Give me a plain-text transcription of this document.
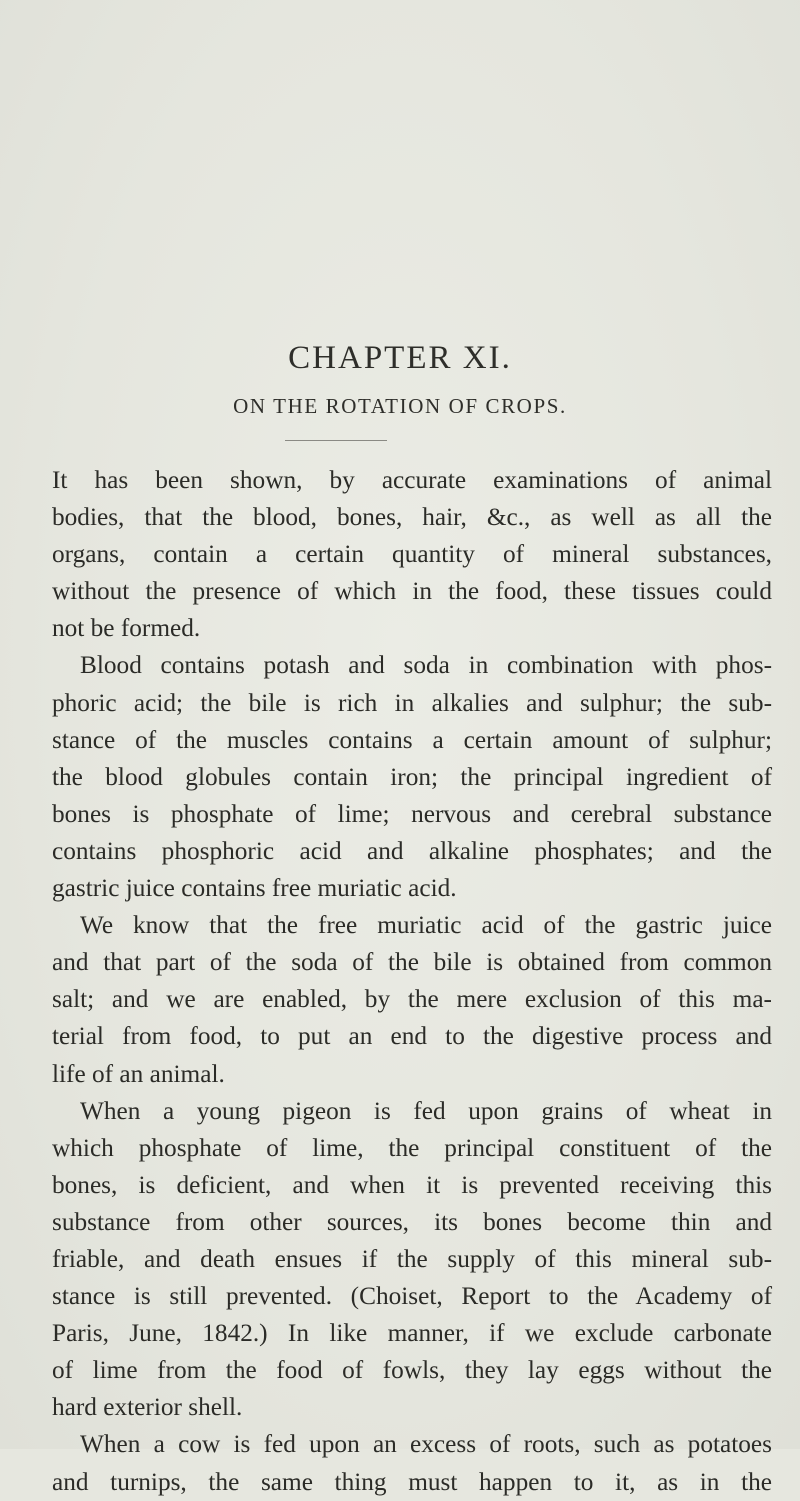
CHAPTER XI.
ON THE ROTATION OF CROPS.
It has been shown, by accurate examinations of animal
bodies, that the blood, bones, hair, &c., as well as all the
organs, contain a certain quantity of mineral substances,
without the presence of which in the food, these tissues could
not be formed.
Blood contains potash and soda in combination with phos-
phoric acid; the bile is rich in alkalies and sulphur; the sub-
stance of the muscles contains a certain amount of sulphur;
the blood globules contain iron; the principal ingredient of
bones is phosphate of lime; nervous and cerebral substance
contains phosphoric acid and alkaline phosphates; and the
gastric juice contains free muriatic acid.
We know that the free muriatic acid of the gastric juice
and that part of the soda of the bile is obtained from common
salt; and we are enabled, by the mere exclusion of this ma-
terial from food, to put an end to the digestive process and
life of an animal.
When a young pigeon is fed upon grains of wheat in
which phosphate of lime, the principal constituent of the
bones, is deficient, and when it is prevented receiving this
substance from other sources, its bones become thin and
friable, and death ensues if the supply of this mineral sub-
stance is still prevented. (Choiset, Report to the Academy of
Paris, June, 1842.) In like manner, if we exclude carbonate
of lime from the food of fowls, they lay eggs without the
hard exterior shell.
When a cow is fed upon an excess of roots, such as potatoes
and turnips, the same thing must happen to it, as in the
